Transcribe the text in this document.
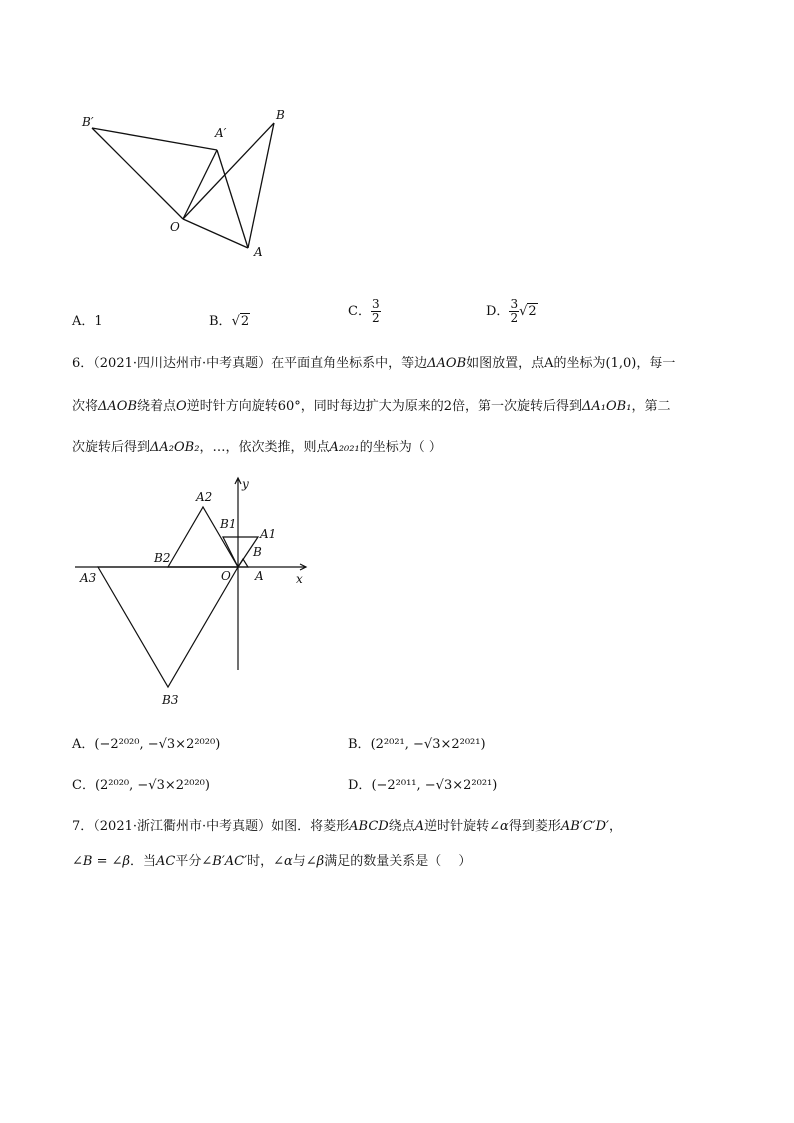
B′
A′
B
O
A
A．1	B．√2
C． $\frac{3}{2}$	D． $\frac{3}{2} √2$
6．（2021·四川达州市·中考真题）在平面直角坐标系中，等边ΔAOB如图放置，点A的坐标为(1,0)，每一
次将ΔAOB绕着点O逆时针方向旋转60°，同时每边扩大为原来的2倍，第一次旋转后得到ΔA₁OB₁，第二
次旋转后得到ΔA₂OB₂，…，依次类推，则点A₂₀₂₁的坐标为（ ）
y
x
O A
B
A1
B1
A2
B2
A3
B3
A．(−2²⁰²⁰, −√3×2²⁰²⁰)	B．(2²⁰²¹, −√3×2²⁰²¹)
C．(2²⁰²⁰, −√3×2²⁰²⁰)	D．(−2²⁰¹¹, −√3×2²⁰²¹)
7．（2021·浙江衢州市·中考真题）如图．将菱形ABCD绕点A逆时针旋转∠α得到菱形AB′C′D′，
∠B = ∠β．当AC平分∠B′AC′时，∠α与∠β满足的数量关系是（　 ）
